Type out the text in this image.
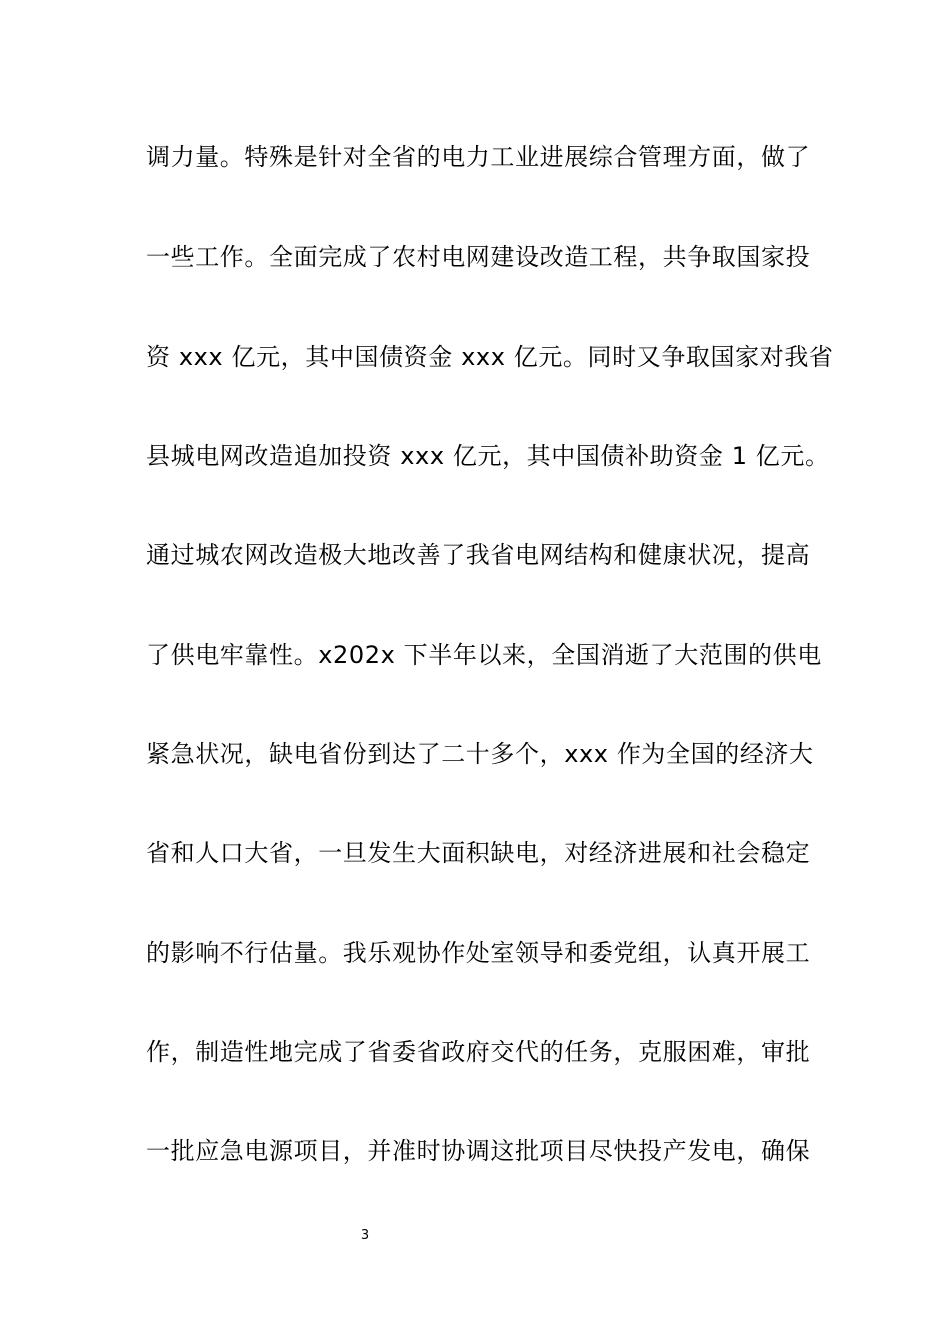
调力量。特殊是针对全省的电力工业进展综合管理方面，做了
一些工作。全面完成了农村电网建设改造工程，共争取国家投
资 xxx 亿元，其中国债资金 xxx 亿元。同时又争取国家对我省
县城电网改造追加投资 xxx 亿元，其中国债补助资金 1 亿元。
通过城农网改造极大地改善了我省电网结构和健康状况，提高
了供电牢靠性。x202x 下半年以来，全国消逝了大范围的供电
紧急状况，缺电省份到达了二十多个，xxx 作为全国的经济大
省和人口大省，一旦发生大面积缺电，对经济进展和社会稳定
的影响不行估量。我乐观协作处室领导和委党组，认真开展工
作，制造性地完成了省委省政府交代的任务，克服困难，审批
一批应急电源项目，并准时协调这批项目尽快投产发电，确保
3
